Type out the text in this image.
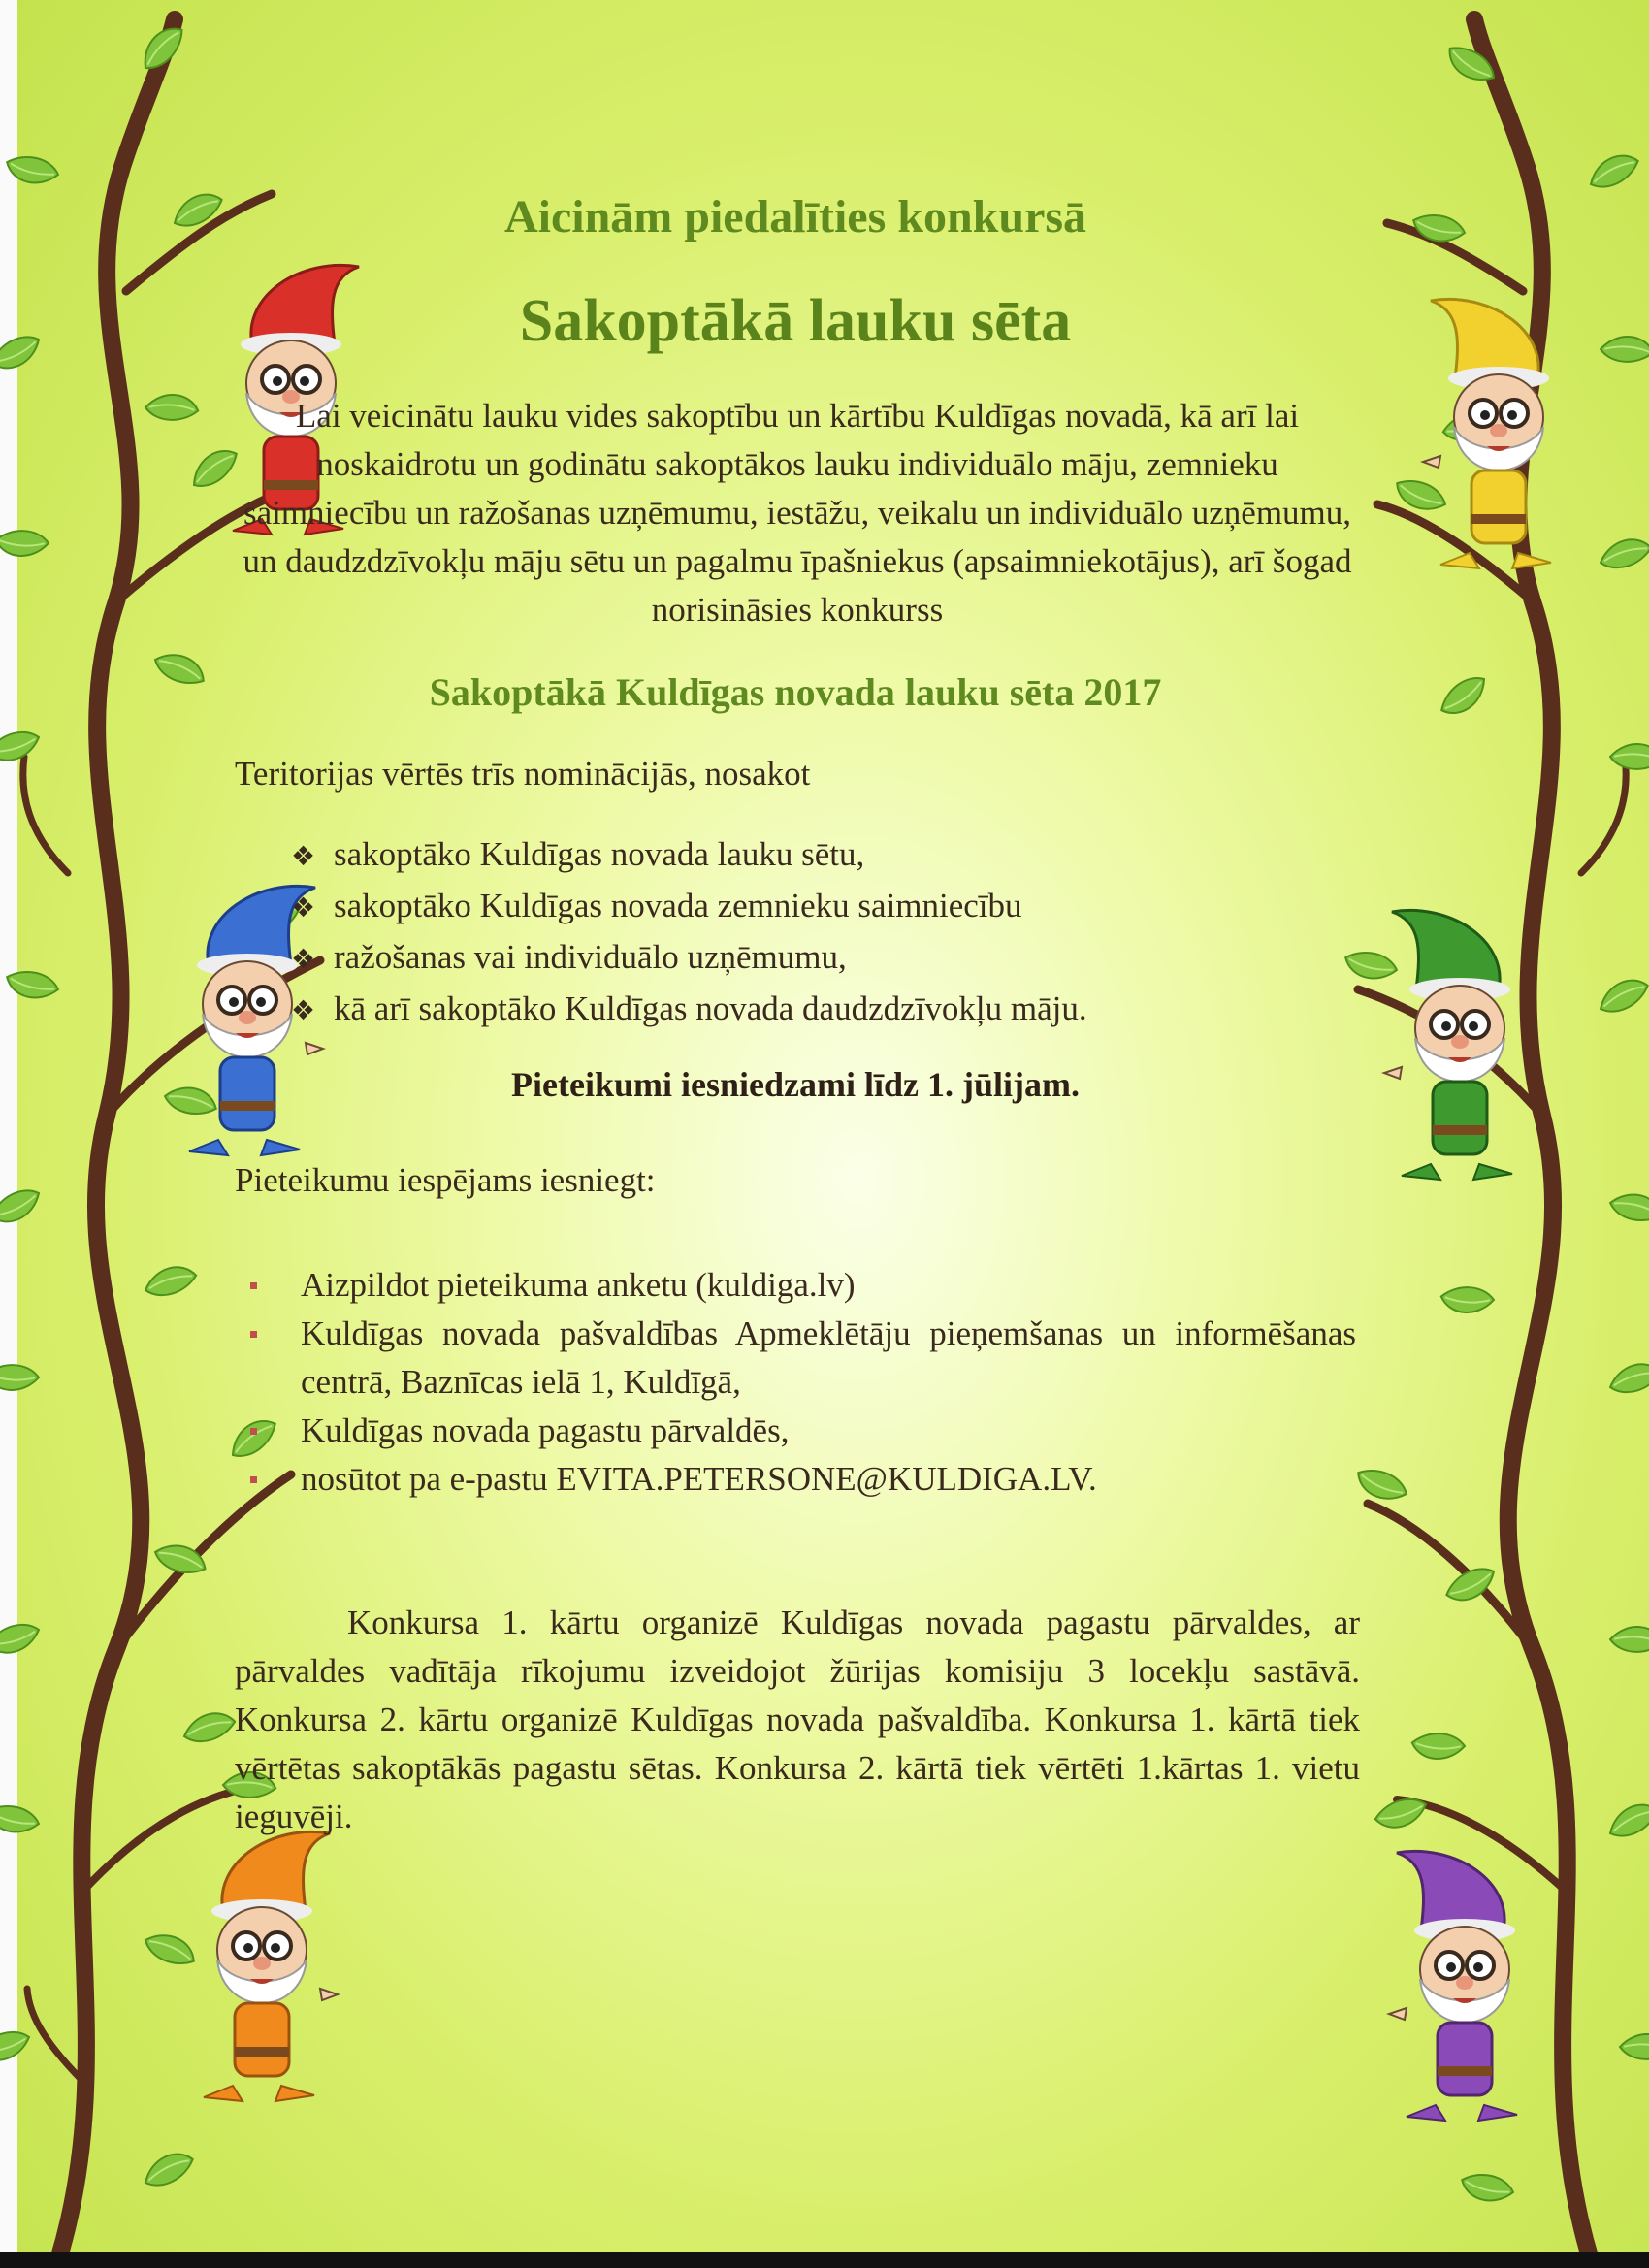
Aicinām piedalīties konkursā
Sakoptākā lauku sēta
Lai veicinātu lauku vides sakoptību un kārtību Kuldīgas novadā, kā arī lai noskaidrotu un godinātu sakoptākos lauku individuālo māju, zemnieku saimniecību un ražošanas uzņēmumu, iestāžu, veikalu un individuālo uzņēmumu, un daudzdzīvokļu māju sētu un pagalmu īpašniekus (apsaimniekotājus), arī šogad norisināsies konkurss
Sakoptākā Kuldīgas novada lauku sēta 2017
Teritorijas vērtēs trīs nominācijās, nosakot
❖ sakoptāko Kuldīgas novada lauku sētu,
❖ sakoptāko Kuldīgas novada zemnieku saimniecību
❖ ražošanas vai individuālo uzņēmumu,
❖ kā arī sakoptāko Kuldīgas novada daudzdzīvokļu māju.
Pieteikumi iesniedzami līdz 1. jūlijam.
Pieteikumu iespējams iesniegt:
Aizpildot pieteikuma anketu (kuldiga.lv)
Kuldīgas novada pašvaldības Apmeklētāju pieņemšanas un informēšanas centrā, Baznīcas ielā 1, Kuldīgā,
Kuldīgas novada pagastu pārvaldēs,
nosūtot pa e-pastu EVITA.PETERSONE@KULDIGA.LV.
Konkursa 1. kārtu organizē Kuldīgas novada pagastu pārvaldes, ar pārvaldes vadītāja rīkojumu izveidojot žūrijas komisiju 3 locekļu sastāvā. Konkursa 2. kārtu organizē Kuldīgas novada pašvaldība. Konkursa 1. kārtā tiek vērtētas sakoptākās pagastu sētas. Konkursa 2. kārtā tiek vērtēti 1.kārtas 1. vietu ieguvēji.
